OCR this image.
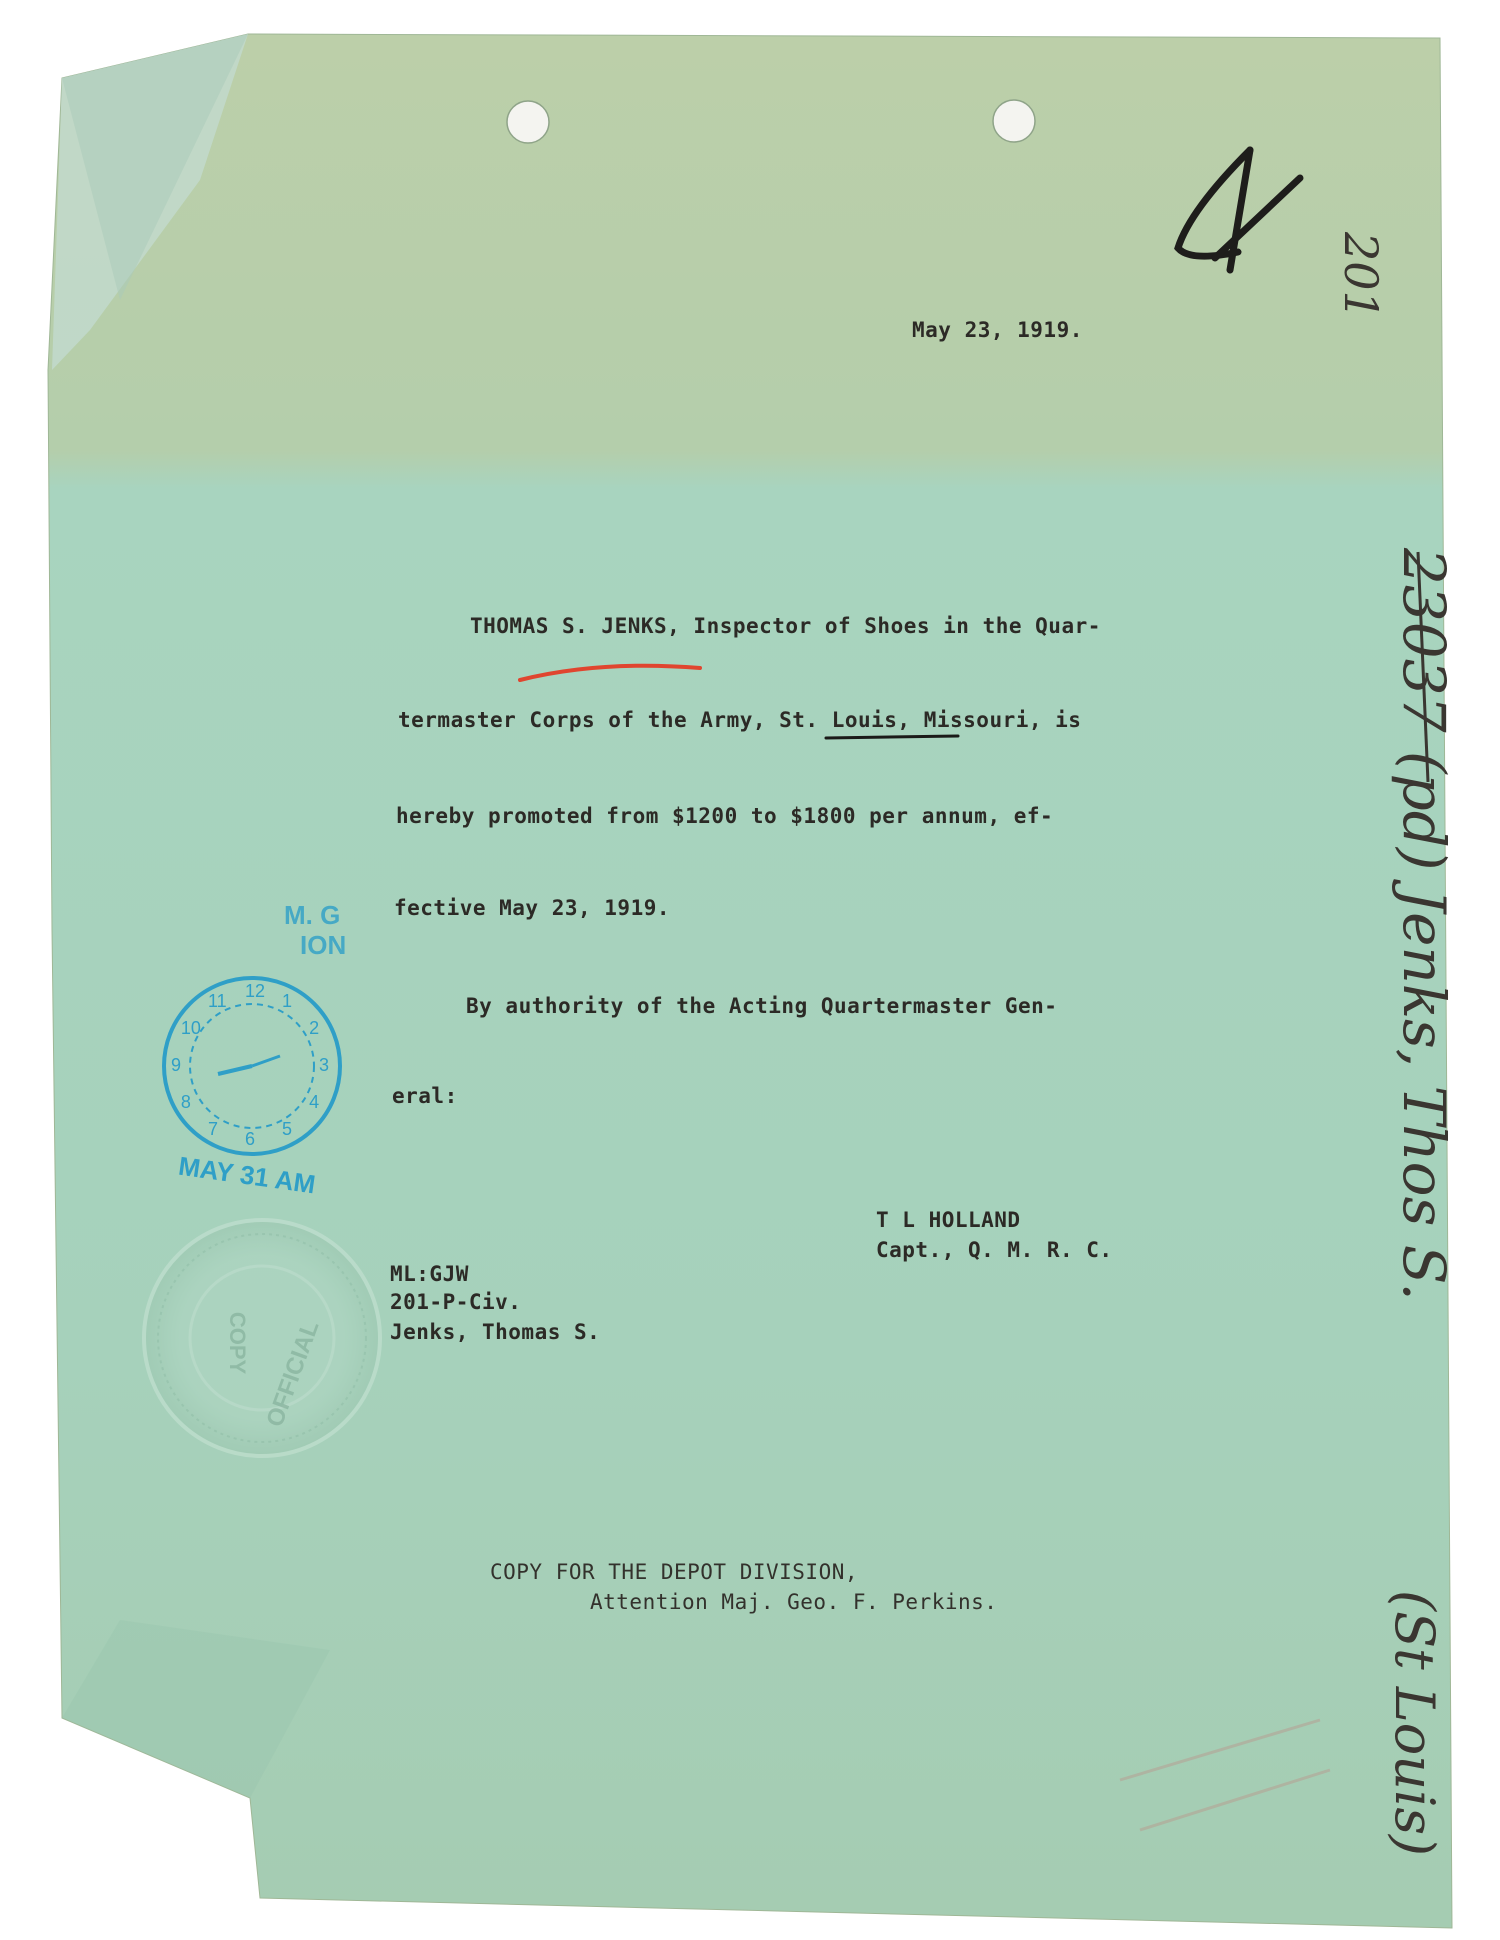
201
23037 (pd) Jenks, Thos S.
(St Louis)
M. G
ION
MAY 31 AM
12 1
2
3
4
5
6
7
8
9
10
11
OFFICIAL
COPY
May 23, 1919.
THOMAS S. JENKS, Inspector of Shoes in the Quar-
termaster Corps of the Army, St. Louis, Missouri, is
hereby promoted from $1200 to $1800 per annum, ef-
fective May 23, 1919.
By authority of the Acting Quartermaster Gen-
eral:
T L HOLLAND
Capt., Q. M. R. C.
ML:GJW
201-P-Civ.
Jenks, Thomas S.
COPY FOR THE DEPOT DIVISION,
Attention Maj. Geo. F. Perkins.
